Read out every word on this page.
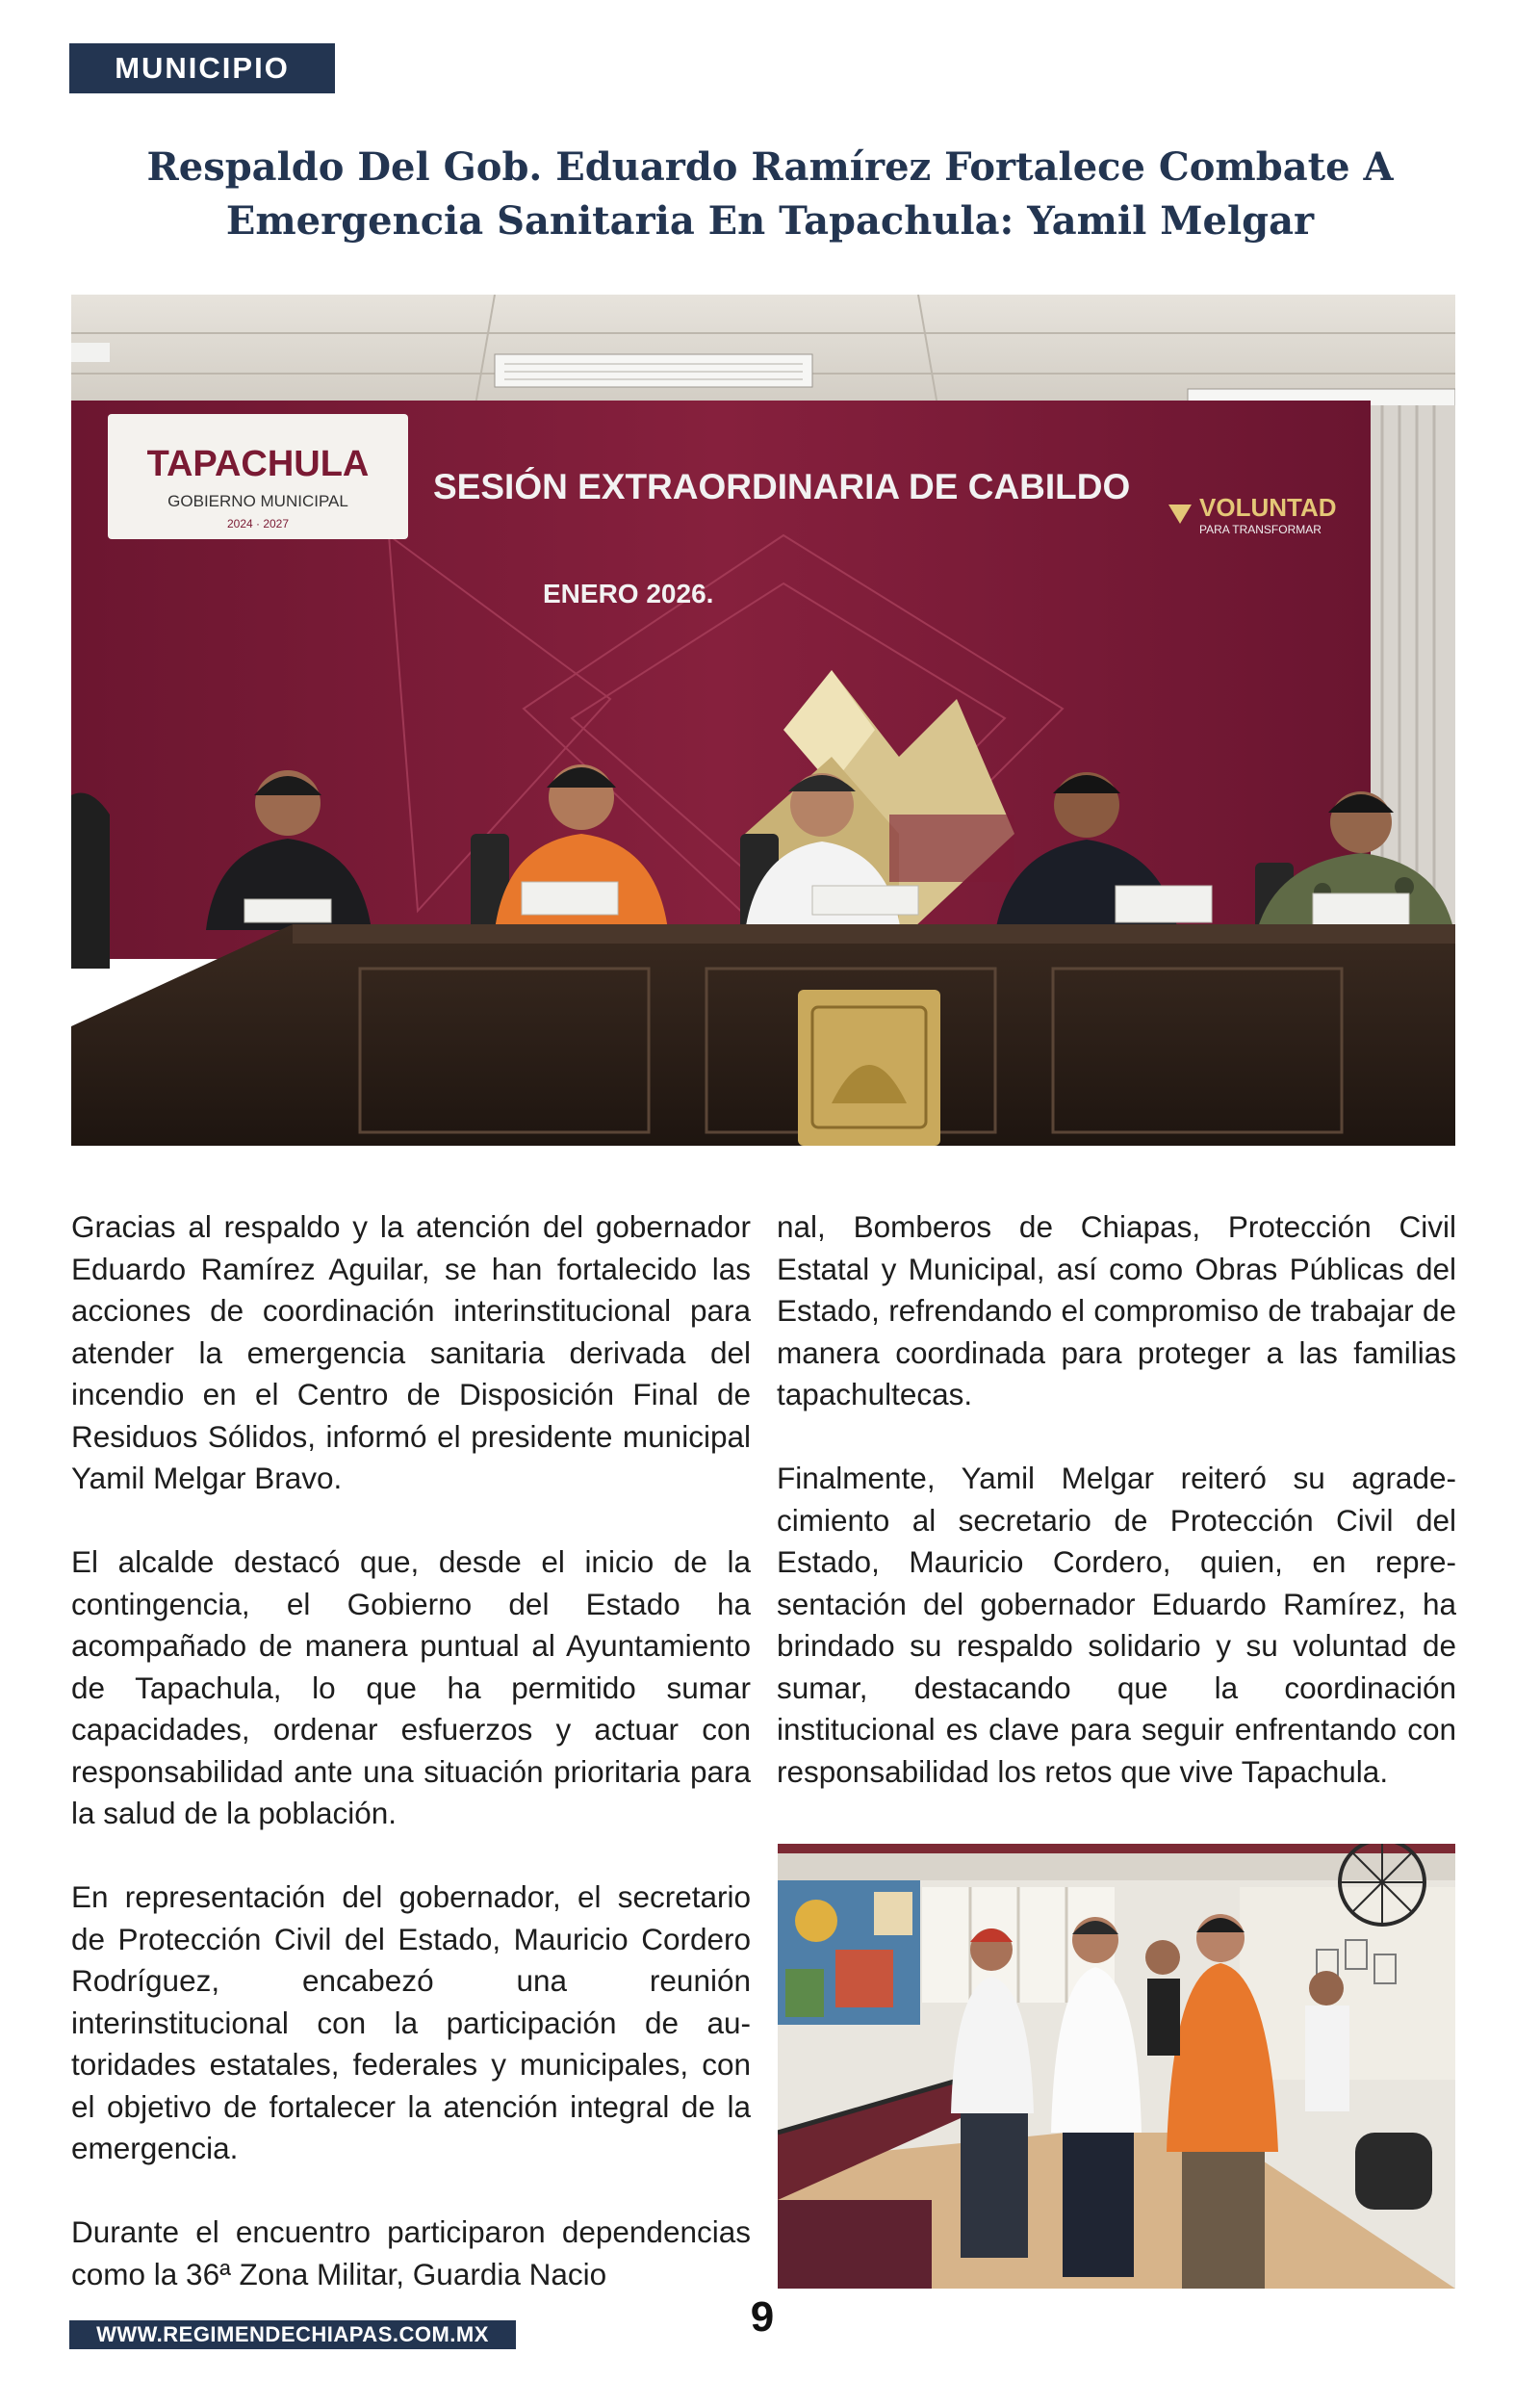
MUNICIPIO
Respaldo Del Gob. Eduardo Ramírez Fortalece Combate A Emergencia Sanitaria En Tapachula: Yamil Melgar
TAPACHULA
GOBIERNO MUNICIPAL
2024 · 2027
SESIÓN EXTRAORDINARIA DE CABILDO
ENERO 2026.
VOLUNTAD
PARA TRANSFORMAR

Gracias al respaldo y la atención del gobernador Eduardo Ramírez Aguilar, se han fortalecido las acciones de coordinación interinstitucional para atender la emergencia sanitaria derivada del incendio en el Centro de Disposición Final de Residuos Sólidos, informó el presidente municipal Yamil Melgar Bravo.

El alcalde destacó que, desde el inicio de la contingencia, el Gobierno del Estado ha acompañado de manera puntual al Ayuntamiento de Tapachula, lo que ha permitido sumar capacidades, ordenar esfuerzos y actuar con responsabilidad ante una situación prioritaria para la salud de la población.

En representación del gobernador, el secretario de Protección Civil del Estado, Mauricio Cordero Rodríguez, encabezó una reunión interinstitucional con la participación de autoridades estatales, federales y municipales, con el objetivo de fortalecer la atención integral de la emergencia.

Durante el encuentro participaron dependencias como la 36ª Zona Militar, Guardia Nacio

nal, Bomberos de Chiapas, Protección Civil Estatal y Municipal, así como Obras Públicas del Estado, refrendando el compromiso de trabajar de manera coordinada para proteger a las familias tapachultecas.

Finalmente, Yamil Melgar reiteró su agradecimiento al secretario de Protección Civil del Estado, Mauricio Cordero, quien, en representación del gobernador Eduardo Ramírez, ha brindado su respaldo solidario y su voluntad de sumar, destacando que la coordinación institucional es clave para seguir enfrentando con responsabilidad los retos que vive Tapachula.

9
WWW.REGIMENDECHIAPAS.COM.MX
